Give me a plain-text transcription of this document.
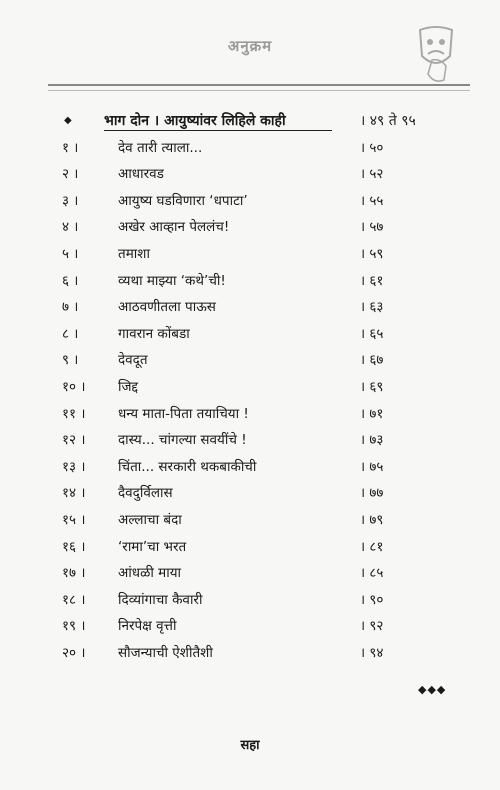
अनुक्रम
◆ भाग दोन । आयुष्यांवर लिहिले काही	। ४९ ते ९५
१ ।	देव तारी त्याला...	। ५०
२ ।	आधारवड	। ५२
३ ।	आयुष्य घडविणारा ‘धपाटा’	। ५५
४ ।	अखेर आव्हान पेललंच!	। ५७
५ ।	तमाशा	। ५९
६ ।	व्यथा माझ्या ‘कथे’ची!	। ६१
७ ।	आठवणीतला पाऊस	। ६३
८ ।	गावरान कोंबडा	। ६५
९ ।	देवदूत	। ६७
१० । जिद्द	। ६९
११ । धन्य माता-पिता तयाचिया !	। ७१
१२ । दास्य... चांगल्या सवयींचे !	। ७३
१३ । चिंता... सरकारी थकबाकीची	। ७५
१४ । दैवदुर्विलास	। ७७
१५ । अल्लाचा बंदा	। ७९
१६ । ‘रामा’चा भरत	। ८१
१७ । आंधळी माया	। ८५
१८ । दिव्यांगाचा कैवारी	। ९०
१९ । निरपेक्ष वृत्ती	। ९२
२० । सौजन्याची ऐशीतैशी	। ९४
◆◆◆
सहा
